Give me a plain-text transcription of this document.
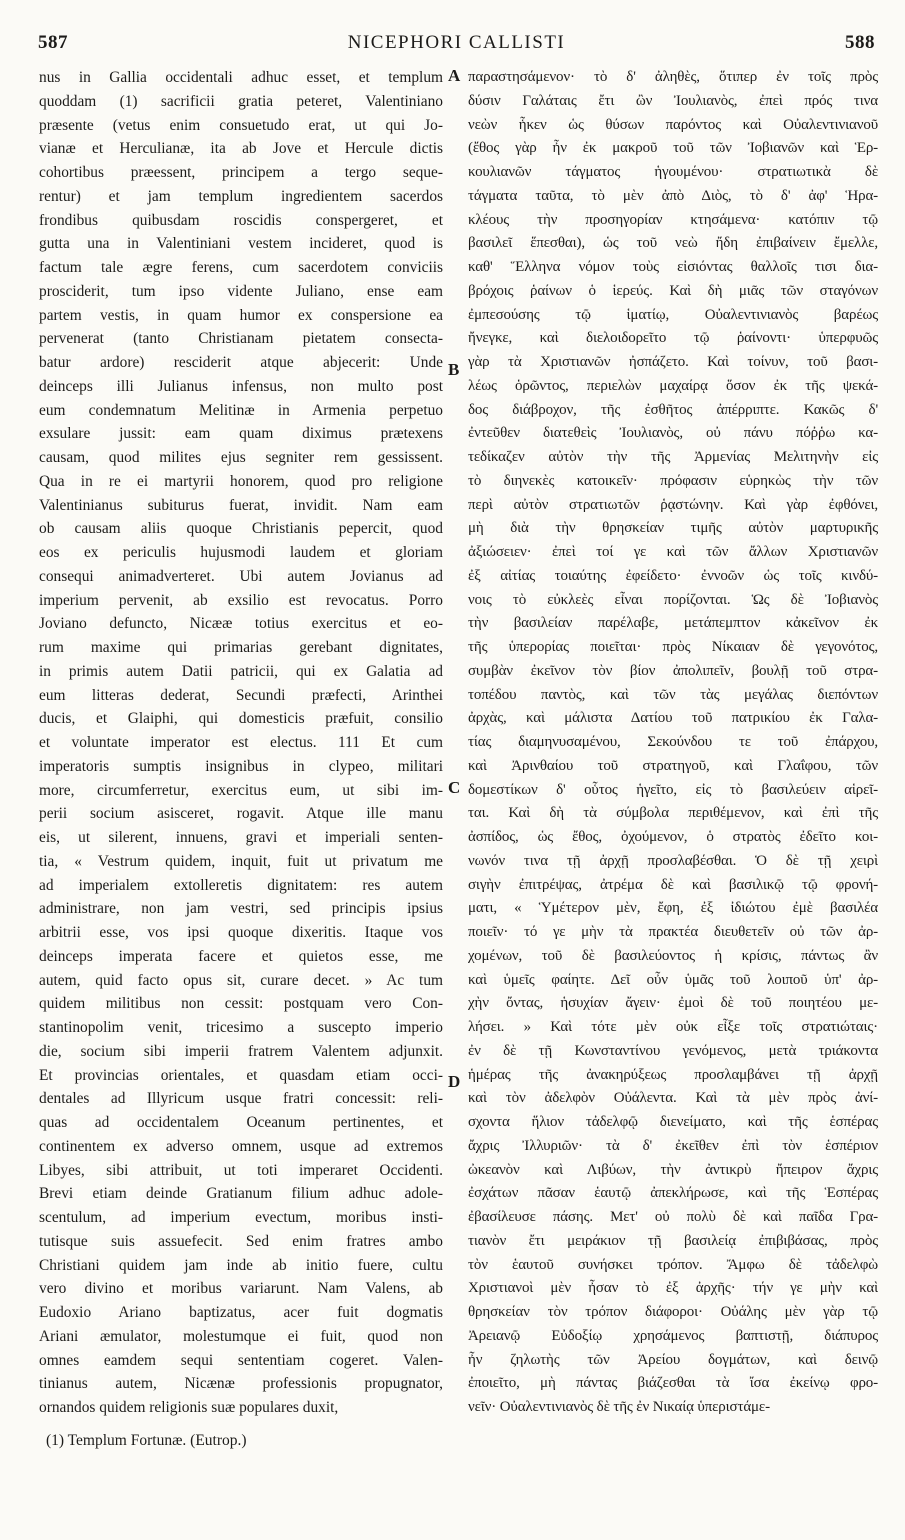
587	NICEPHORI CALLISTI	588
nus in Gallia occidentali adhuc esset, et templum
quoddam (1) sacrificii gratia peteret, Valentiniano
præsente (vetus enim consuetudo erat, ut qui Jo-
vianæ et Herculianæ, ita ab Jove et Hercule dictis
cohortibus præessent, principem a tergo seque-
rentur) et jam templum ingredientem sacerdos
frondibus quibusdam roscidis conspergeret, et
gutta una in Valentiniani vestem incideret, quod is
factum tale ægre ferens, cum sacerdotem conviciis
prosciderit, tum ipso vidente Juliano, ense eam
partem vestis, in quam humor ex conspersione ea
pervenerat (tanto Christianam pietatem consecta-
batur ardore) resciderit atque abjecerit: Unde
deinceps illi Julianus infensus, non multo post
eum condemnatum Melitinæ in Armenia perpetuo
exsulare jussit: eam quam diximus prætexens
causam, quod milites ejus segniter rem gessissent.
Qua in re ei martyrii honorem, quod pro religione
Valentinianus subiturus fuerat, invidit. Nam eam
ob causam aliis quoque Christianis pepercit, quod
eos ex periculis hujusmodi laudem et gloriam
consequi animadverteret. Ubi autem Jovianus ad
imperium pervenit, ab exsilio est revocatus. Porro
Joviano defuncto, Nicææ totius exercitus et eo-
rum maxime qui primarias gerebant dignitates,
in primis autem Datii patricii, qui ex Galatia ad
eum litteras dederat, Secundi præfecti, Arinthei
ducis, et Glaiphi, qui domesticis præfuit, consilio
et voluntate imperator est electus. 111 Et cum
imperatoris sumptis insignibus in clypeo, militari
more, circumferretur, exercitus eum, ut sibi im-
perii socium asisceret, rogavit. Atque ille manu
eis, ut silerent, innuens, gravi et imperiali senten-
tia, « Vestrum quidem, inquit, fuit ut privatum me
ad imperialem extolleretis dignitatem: res autem
administrare, non jam vestri, sed principis ipsius
arbitrii esse, vos ipsi quoque dixeritis. Itaque vos
deinceps imperata facere et quietos esse, me
autem, quid facto opus sit, curare decet. » Ac tum
quidem militibus non cessit: postquam vero Con-
stantinopolim venit, tricesimo a suscepto imperio
die, socium sibi imperii fratrem Valentem adjunxit.
Et provincias orientales, et quasdam etiam occi-
dentales ad Illyricum usque fratri concessit: reli-
quas ad occidentalem Oceanum pertinentes, et
continentem ex adverso omnem, usque ad extremos
Libyes, sibi attribuit, ut toti imperaret Occidenti.
Brevi etiam deinde Gratianum filium adhuc adole-
scentulum, ad imperium evectum, moribus insti-
tutisque suis assuefecit. Sed enim fratres ambo
Christiani quidem jam inde ab initio fuere, cultu
vero divino et moribus variarunt. Nam Valens, ab
Eudoxio Ariano baptizatus, acer fuit dogmatis
Ariani æmulator, molestumque ei fuit, quod non
omnes eamdem sequi sententiam cogeret. Valen-
tinianus autem, Nicænæ professionis propugnator,
ornandos quidem religionis suæ populares duxit,
A
B
C
D
παραστησάμενον· τὸ δ' ἀληθὲς, ὅτιπερ ἐν τοῖς πρὸς
δύσιν Γαλάταις ἔτι ὢν Ἰουλιανὸς, ἐπεὶ πρός τινα
νεὼν ἧκεν ὡς θύσων παρόντος καὶ Οὐαλεντινιανοῦ
(ἔθος γὰρ ἦν ἐκ μακροῦ τοῦ τῶν Ἰοβιανῶν καὶ Ἑρ-
κουλιανῶν τάγματος ἡγουμένου· στρατιωτικὰ δὲ
τάγματα ταῦτα, τὸ μὲν ἀπὸ Διὸς, τὸ δ' ἀφ' Ἡρα-
κλέους τὴν προσηγορίαν κτησάμενα· κατόπιν τῷ
βασιλεῖ ἕπεσθαι), ὡς τοῦ νεὼ ἤδη ἐπιβαίνειν ἔμελλε,
καθ' Ἕλληνα νόμον τοὺς εἰσιόντας θαλλοῖς τισι δια-
βρόχοις ῥαίνων ὁ ἱερεύς. Καὶ δὴ μιᾶς τῶν σταγόνων
ἐμπεσούσης τῷ ἱματίῳ, Οὐαλεντινιανὸς βαρέως
ἤνεγκε, καὶ διελοιδορεῖτο τῷ ῥαίνοντι· ὑπερφυῶς
γὰρ τὰ Χριστιανῶν ἠσπάζετο. Καὶ τοίνυν, τοῦ βασι-
λέως ὁρῶντος, περιελὼν μαχαίρᾳ ὅσον ἐκ τῆς ψεκά-
δος διάβροχον, τῆς ἐσθῆτος ἀπέρριπτε. Κακῶς δ'
ἐντεῦθεν διατεθεὶς Ἰουλιανὸς, οὐ πάνυ πόῤῥω κα-
τεδίκαζεν αὐτὸν τὴν τῆς Ἀρμενίας Μελιτηνὴν εἰς
τὸ διηνεκὲς κατοικεῖν· πρόφασιν εὑρηκὼς τὴν τῶν
περὶ αὐτὸν στρατιωτῶν ῥᾳστώνην. Καὶ γὰρ ἐφθόνει,
μὴ διὰ τὴν θρησκείαν τιμῆς αὐτὸν μαρτυρικῆς
ἀξιώσειεν· ἐπεὶ τοί γε καὶ τῶν ἄλλων Χριστιανῶν
ἐξ αἰτίας τοιαύτης ἐφείδετο· ἐννοῶν ὡς τοῖς κινδύ-
νοις τὸ εὐκλεὲς εἶναι πορίζονται. Ὡς δὲ Ἰοβιανὸς
τὴν βασιλείαν παρέλαβε, μετάπεμπτον κἀκεῖνον ἐκ
τῆς ὑπερορίας ποιεῖται· πρὸς Νίκαιαν δὲ γεγονότος,
συμβὰν ἐκεῖνον τὸν βίον ἀπολιπεῖν, βουλῇ τοῦ στρα-
τοπέδου παντὸς, καὶ τῶν τὰς μεγάλας διεπόντων
ἀρχὰς, καὶ μάλιστα Δατίου τοῦ πατρικίου ἐκ Γαλα-
τίας διαμηνυσαμένου, Σεκούνδου τε τοῦ ἐπάρχου,
καὶ Ἀρινθαίου τοῦ στρατηγοῦ, καὶ Γλαΐφου, τῶν
δομεστίκων δ' οὗτος ἡγεῖτο, εἰς τὸ βασιλεύειν αἱρεῖ-
ται. Καὶ δὴ τὰ σύμβολα περιθέμενον, καὶ ἐπὶ τῆς
ἀσπίδος, ὡς ἔθος, ὀχούμενον, ὁ στρατὸς ἐδεῖτο κοι-
νωνόν τινα τῇ ἀρχῇ προσλαβέσθαι. Ὁ δὲ τῇ χειρὶ
σιγὴν ἐπιτρέψας, ἀτρέμα δὲ καὶ βασιλικῷ τῷ φρονή-
ματι, « Ὑμέτερον μὲν, ἔφη, ἐξ ἰδιώτου ἐμὲ βασιλέα
ποιεῖν· τό γε μὴν τὰ πρακτέα διευθετεῖν οὐ τῶν ἀρ-
χομένων, τοῦ δὲ βασιλεύοντος ἡ κρίσις, πάντως ἂν
καὶ ὑμεῖς φαίητε. Δεῖ οὖν ὑμᾶς τοῦ λοιποῦ ὑπ' ἀρ-
χὴν ὄντας, ἡσυχίαν ἄγειν· ἐμοὶ δὲ τοῦ ποιητέου με-
λήσει. » Καὶ τότε μὲν οὐκ εἶξε τοῖς στρατιώταις·
ἐν δὲ τῇ Κωνσταντίνου γενόμενος, μετὰ τριάκοντα
ἡμέρας τῆς ἀνακηρύξεως προσλαμβάνει τῇ ἀρχῇ
καὶ τὸν ἀδελφὸν Οὐάλεντα. Καὶ τὰ μὲν πρὸς ἀνί-
σχοντα ἥλιον τἀδελφῷ διενείματο, καὶ τῆς ἑσπέρας
ἄχρις Ἰλλυριῶν· τὰ δ' ἐκεῖθεν ἐπὶ τὸν ἑσπέριον
ὠκεανὸν καὶ Λιβύων, τὴν ἀντικρὺ ἤπειρον ἄχρις
ἐσχάτων πᾶσαν ἑαυτῷ ἀπεκλήρωσε, καὶ τῆς Ἑσπέρας
ἐβασίλευσε πάσης. Μετ' οὐ πολὺ δὲ καὶ παῖδα Γρα-
τιανὸν ἔτι μειράκιον τῇ βασιλείᾳ ἐπιβιβάσας, πρὸς
τὸν ἑαυτοῦ συνήσκει τρόπον. Ἄμφω δὲ τἀδελφὼ
Χριστιανοὶ μὲν ἦσαν τὸ ἐξ ἀρχῆς· τήν γε μὴν καὶ
θρησκείαν τὸν τρόπον διάφοροι· Οὐάλης μὲν γὰρ τῷ
Ἀρειανῷ Εὐδοξίῳ χρησάμενος βαπτιστῇ, διάπυρος
ἦν ζηλωτὴς τῶν Ἀρείου δογμάτων, καὶ δεινῷ
ἐποιεῖτο, μὴ πάντας βιάζεσθαι τὰ ἴσα ἐκείνῳ φρο-
νεῖν· Οὐαλεντινιανὸς δὲ τῆς ἐν Νικαίᾳ ὑπεριστάμε-
(1) Templum Fortunæ. (Eutrop.)
